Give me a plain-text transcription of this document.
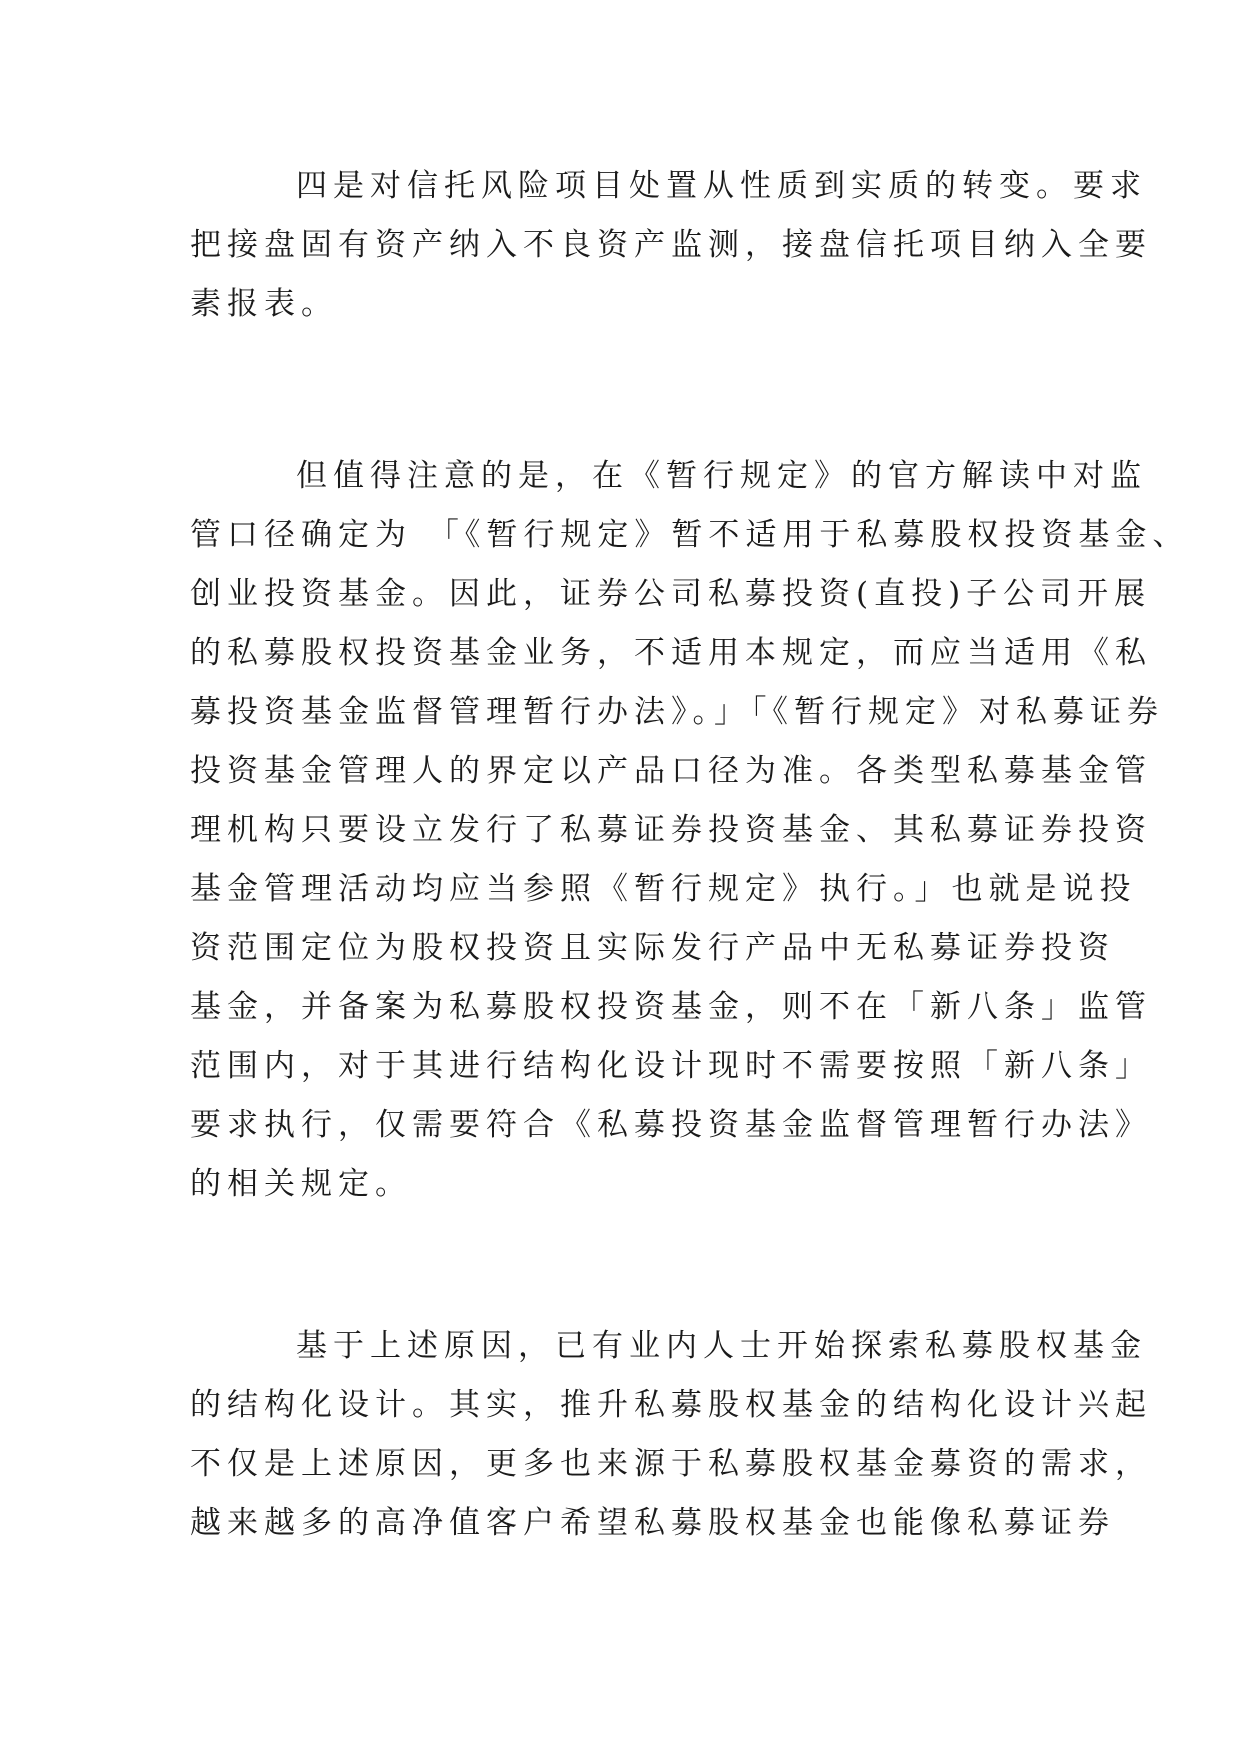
四是对信托风险项目处置从性质到实质的转变。要求
把接盘固有资产纳入不良资产监测，接盘信托项目纳入全要
素报表。
但值得注意的是，在《暂行规定》的官方解读中对监
管口径确定为 「《暂行规定》暂不适用于私募股权投资基金、
创业投资基金。因此，证券公司私募投资(直投)子公司开展
的私募股权投资基金业务，不适用本规定，而应当适用《私
募投资基金监督管理暂行办法》。」「《暂行规定》对私募证券
投资基金管理人的界定以产品口径为准。各类型私募基金管
理机构只要设立发行了私募证券投资基金、其私募证券投资
基金管理活动均应当参照《暂行规定》执行。」也就是说投
资范围定位为股权投资且实际发行产品中无私募证券投资
基金，并备案为私募股权投资基金，则不在「新八条」监管
范围内，对于其进行结构化设计现时不需要按照「新八条」
要求执行，仅需要符合《私募投资基金监督管理暂行办法》
的相关规定。
基于上述原因，已有业内人士开始探索私募股权基金
的结构化设计。其实，推升私募股权基金的结构化设计兴起
不仅是上述原因，更多也来源于私募股权基金募资的需求，
越来越多的高净值客户希望私募股权基金也能像私募证券
